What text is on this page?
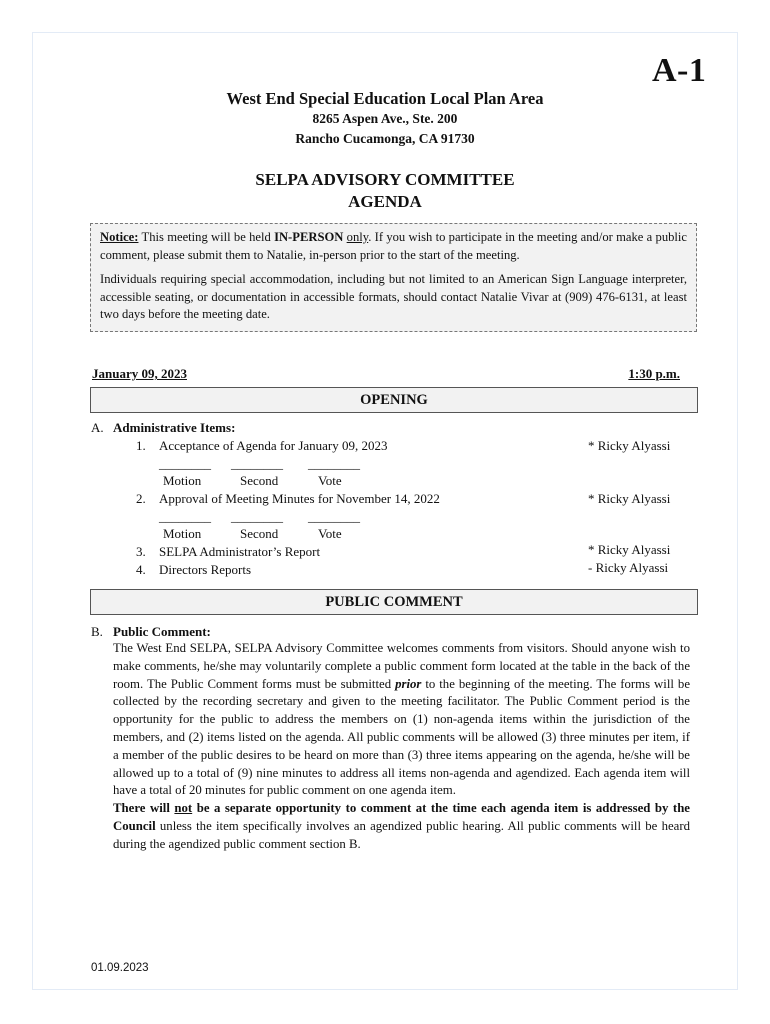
A-1
West End Special Education Local Plan Area
8265 Aspen Ave., Ste. 200
Rancho Cucamonga, CA 91730
SELPA ADVISORY COMMITTEE
AGENDA

Notice: This meeting will be held IN-PERSON only. If you wish to participate in the meeting and/or make a public comment, please submit them to Natalie, in-person prior to the start of the meeting.

Individuals requiring special accommodation, including but not limited to an American Sign Language interpreter, accessible seating, or documentation in accessible formats, should contact Natalie Vivar at (909) 476-6131, at least two days before the meeting date.

January 09, 2023	1:30 p.m.
OPENING
A. Administrative Items:
1. Acceptance of Agenda for January 09, 2023	* Ricky Alyassi
________ ________ ________
Motion	Second	Vote
2. Approval of Meeting Minutes for November 14, 2022	* Ricky Alyassi
________ ________ ________
Motion	Second	Vote
3. SELPA Administrator’s Report	* Ricky Alyassi
4. Directors Reports	- Ricky Alyassi
PUBLIC COMMENT
B. Public Comment:

The West End SELPA, SELPA Advisory Committee welcomes comments from visitors. Should anyone wish to make comments, he/she may voluntarily complete a public comment form located at the table in the back of the room. The Public Comment forms must be submitted prior to the beginning of the meeting. The forms will be collected by the recording secretary and given to the meeting facilitator. The Public Comment period is the opportunity for the public to address the members on (1) non-agenda items within the jurisdiction of the members, and (2) items listed on the agenda. All public comments will be allowed (3) three minutes per item, if a member of the public desires to be heard on more than (3) three items appearing on the agenda, he/she will be allowed up to a total of (9) nine minutes to address all items non-agenda and agendized. Each agenda item will have a total of 20 minutes for public comment on one agenda item.

There will not be a separate opportunity to comment at the time each agenda item is addressed by the Council unless the item specifically involves an agendized public hearing. All public comments will be heard during the agendized public comment section B.

01.09.2023
